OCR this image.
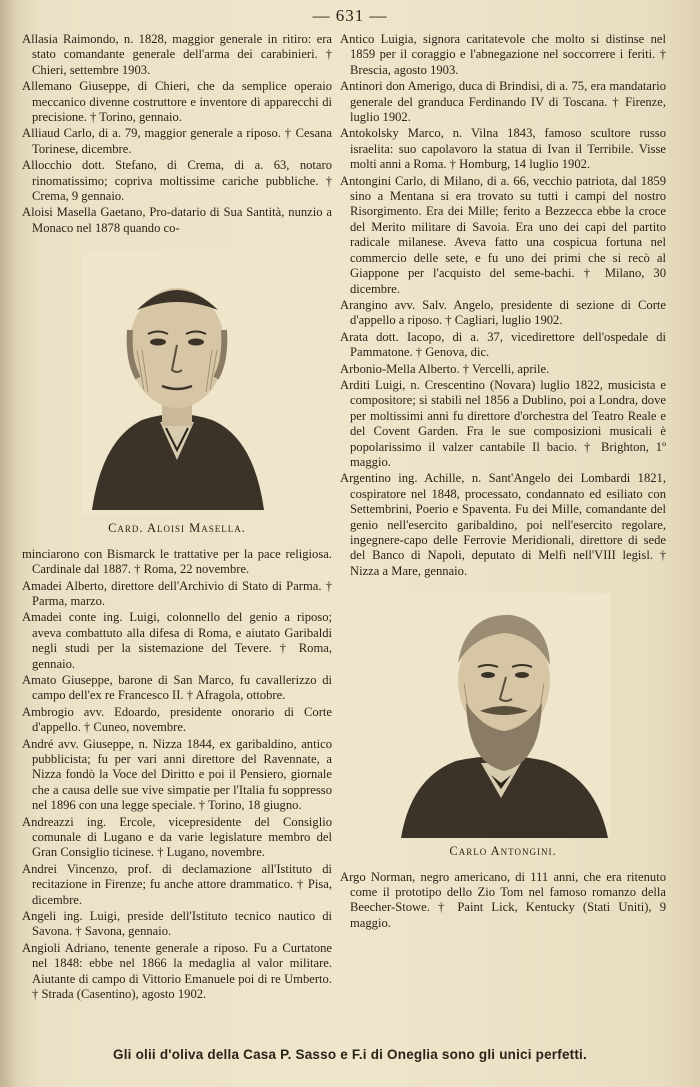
— 631 —
Allasia Raimondo, n. 1828, maggior generale in ritiro: era stato comandante generale dell'arma dei carabinieri. † Chieri, settembre 1903.
Allemano Giuseppe, di Chieri, che da semplice operaio meccanico divenne costruttore e inventore di apparecchi di precisione. † Torino, gennaio.
Alliaud Carlo, di a. 79, maggior generale a riposo. † Cesana Torinese, dicembre.
Allocchio dott. Stefano, di Crema, di a. 63, notaro rinomatissimo; copriva moltissime cariche pubbliche. † Crema, 9 gennaio.
Aloisi Masella Gaetano, Pro-datario di Sua Santità, nunzio a Monaco nel 1878 quando co-
G.S.
Card. Aloisi Masella.
minciarono con Bismarck le trattative per la pace religiosa. Cardinale dal 1887. † Roma, 22 novembre.
Amadei Alberto, direttore dell'Archivio di Stato di Parma. † Parma, marzo.
Amadei conte ing. Luigi, colonnello del genio a riposo; aveva combattuto alla difesa di Roma, e aiutato Garibaldi negli studi per la sistemazione del Tevere. † Roma, gennaio.
Amato Giuseppe, barone di San Marco, fu cavallerizzo di campo dell'ex re Francesco II. † Afragola, ottobre.
Ambrogio avv. Edoardo, presidente onorario di Corte d'appello. † Cuneo, novembre.
André avv. Giuseppe, n. Nizza 1844, ex garibaldino, antico pubblicista; fu per vari anni direttore del Ravennate, a Nizza fondò la Voce del Diritto e poi il Pensiero, giornale che a causa delle sue vive simpatie per l'Italia fu soppresso nel 1896 con una legge speciale. † Torino, 18 giugno.
Andreazzi ing. Ercole, vicepresidente del Consiglio comunale di Lugano e da varie legislature membro del Gran Consiglio ticinese. † Lugano, novembre.
Andrei Vincenzo, prof. di declamazione all'Istituto di recitazione in Firenze; fu anche attore drammatico. † Pisa, dicembre.
Angeli ing. Luigi, preside dell'Istituto tecnico nautico di Savona. † Savona, gennaio.
Angioli Adriano, tenente generale a riposo. Fu a Curtatone nel 1848: ebbe nel 1866 la medaglia al valor militare. Aiutante di campo di Vittorio Emanuele poi di re Umberto. † Strada (Casentino), agosto 1902.
Antico Luigia, signora caritatevole che molto si distinse nel 1859 per il coraggio e l'abnegazione nel soccorrere i feriti. † Brescia, agosto 1903.
Antinori don Amerigo, duca di Brindisi, di a. 75, era mandatario generale del granduca Ferdinando IV di Toscana. † Firenze, luglio 1902.
Antokolsky Marco, n. Vilna 1843, famoso scultore russo israelita: suo capolavoro la statua di Ivan il Terribile. Visse molti anni a Roma. † Homburg, 14 luglio 1902.
Antongini Carlo, di Milano, di a. 66, vecchio patriota, dal 1859 sino a Mentana si era trovato su tutti i campi del nostro Risorgimento. Era dei Mille; ferito a Bezzecca ebbe la croce del Merito militare di Savoia. Era uno dei capi del partito radicale milanese. Aveva fatto una cospicua fortuna nel commercio delle sete, e fu uno dei primi che si recò al Giappone per l'acquisto del seme-bachi. † Milano, 30 dicembre.
Arangino avv. Salv. Angelo, presidente di sezione di Corte d'appello a riposo. † Cagliari, luglio 1902.
Arata dott. Iacopo, di a. 37, vicedirettore dell'ospedale di Pammatone. † Genova, dic.
Arbonio-Mella Alberto. † Vercelli, aprile.
Arditi Luigi, n. Crescentino (Novara) luglio 1822, musicista e compositore; si stabilì nel 1856 a Dublino, poi a Londra, dove per moltissimi anni fu direttore d'orchestra del Teatro Reale e del Covent Garden. Fra le sue composizioni musicali è popolarissimo il valzer cantabile Il bacio. † Brighton, 1º maggio.
Argentino ing. Achille, n. Sant'Angelo dei Lombardi 1821, cospiratore nel 1848, processato, condannato ed esiliato con Settembrini, Poerio e Spaventa. Fu dei Mille, comandante del genio nell'esercito garibaldino, poi nell'esercito regolare, ingegnere-capo delle Ferrovie Meridionali, direttore di sede del Banco di Napoli, deputato di Melfi nell'VIII legisl. † Nizza a Mare, gennaio.
G.S.
Carlo Antongini.
Argo Norman, negro americano, di 111 anni, che era ritenuto come il prototipo dello Zio Tom nel famoso romanzo della Beecher-Stowe. † Paint Lick, Kentucky (Stati Uniti), 9 maggio.
Gli olii d'oliva della Casa P. Sasso e F.i di Oneglia sono gli unici perfetti.
